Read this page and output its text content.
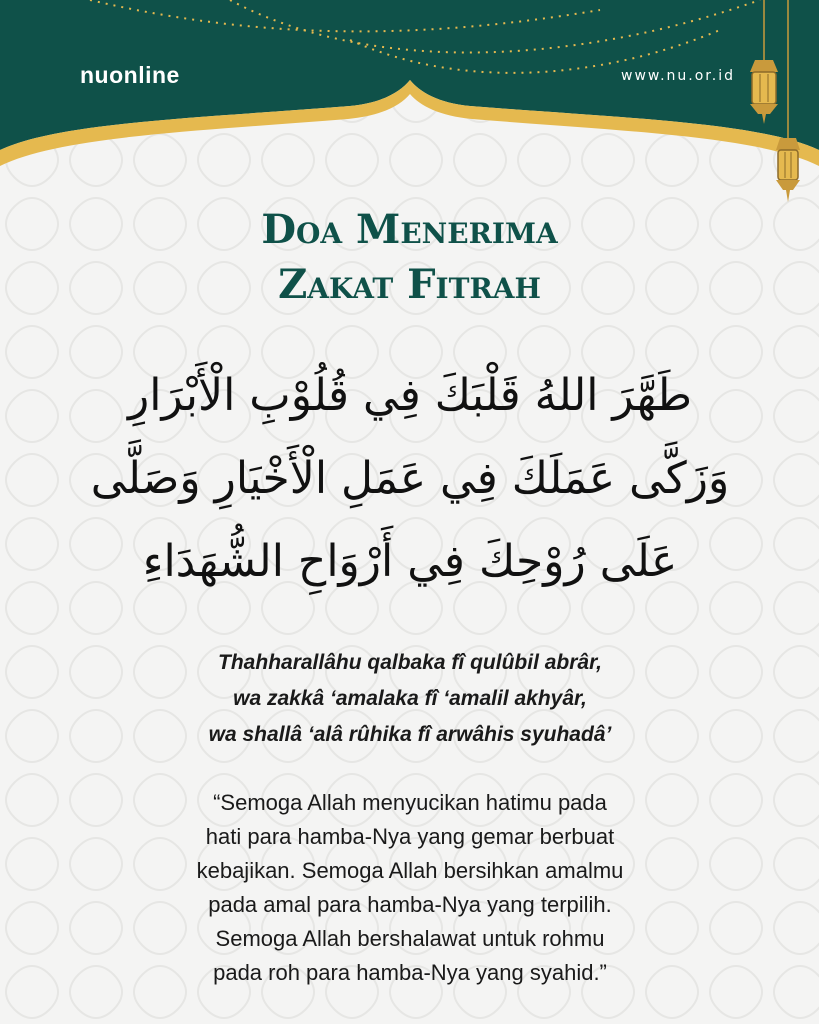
nuonline	www.nu.or.id
Doa Menerima
Zakat Fitrah
طَهَّرَ اللهُ قَلْبَكَ فِي قُلُوْبِ الْأَبْرَارِ
وَزَكَّى عَمَلَكَ فِي عَمَلِ الْأَخْيَارِ وَصَلَّى
عَلَى رُوْحِكَ فِي أَرْوَاحِ الشُّهَدَاءِ
Thahharallâhu qalbaka fî qulûbil abrâr,
wa zakkâ ‘amalaka fî ‘amalil akhyâr,
wa shallâ ‘alâ rûhika fî arwâhis syuhadâ’
“Semoga Allah menyucikan hatimu pada
hati para hamba-Nya yang gemar berbuat
kebajikan. Semoga Allah bersihkan amalmu
pada amal para hamba-Nya yang terpilih.
Semoga Allah bershalawat untuk rohmu
pada roh para hamba-Nya yang syahid.”
